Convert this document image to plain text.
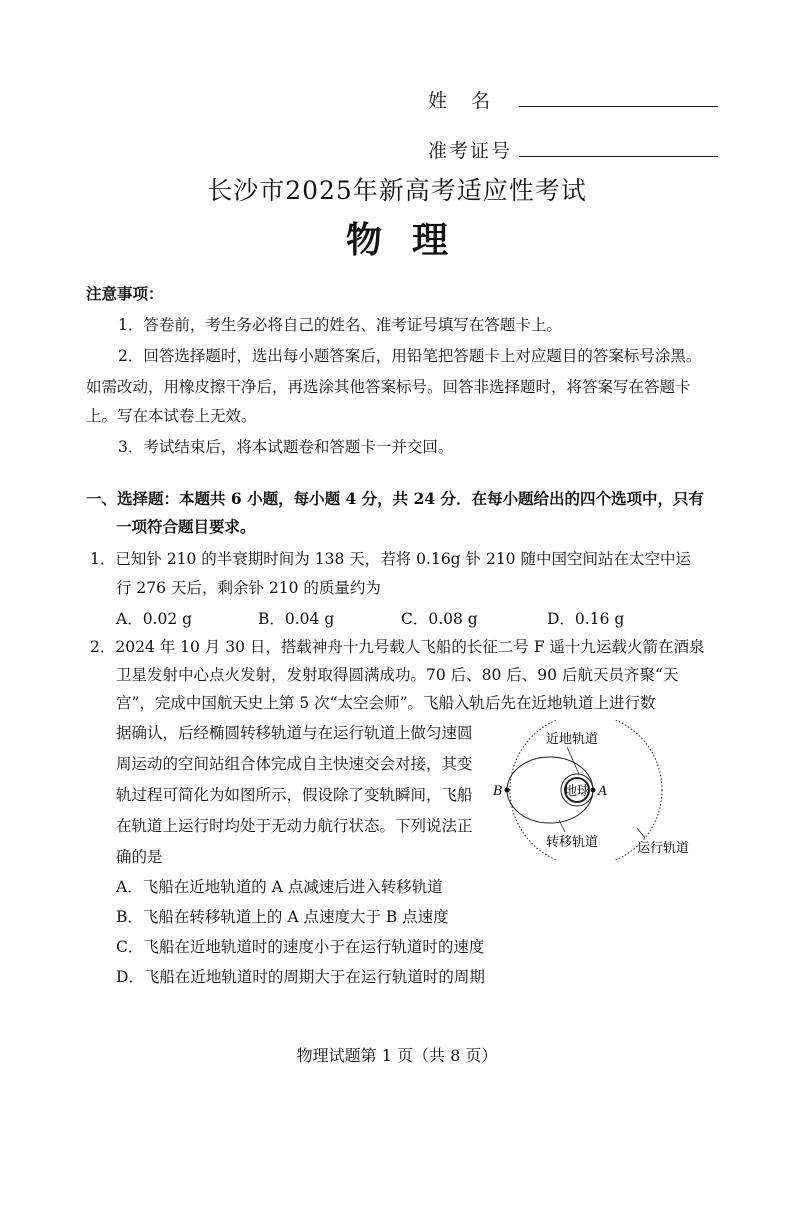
姓    名
准考证号
长沙市2025年新高考适应性考试
物理
注意事项：
1．答卷前，考生务必将自己的姓名、准考证号填写在答题卡上。
2．回答选择题时，选出每小题答案后，用铅笔把答题卡上对应题目的答案标号涂黑。
如需改动，用橡皮擦干净后，再选涂其他答案标号。回答非选择题时，将答案写在答题卡
上。写在本试卷上无效。
3．考试结束后，将本试题卷和答题卡一并交回。
一、选择题：本题共 6 小题，每小题 4 分，共 24 分．在每小题给出的四个选项中，只有
一项符合题目要求。
1．已知钋 210 的半衰期时间为 138 天，若将 0.16g 钋 210 随中国空间站在太空中运
行 276 天后，剩余钋 210 的质量约为
A．0.02 g	B．0.04 g	C．0.08 g	D．0.16 g
2．2024 年 10 月 30 日，搭载神舟十九号载人飞船的长征二号 F 遥十九运载火箭在酒泉
卫星发射中心点火发射，发射取得圆满成功。70 后、80 后、90 后航天员齐聚“天
宫”，完成中国航天史上第 5 次“太空会师”。飞船入轨后先在近地轨道上进行数
据确认，后经椭圆转移轨道与在运行轨道上做匀速圆
周运动的空间站组合体完成自主快速交会对接，其变
轨过程可简化为如图所示，假设除了变轨瞬间，飞船
在轨道上运行时均处于无动力航行状态。下列说法正
确的是
A．飞船在近地轨道的 A 点减速后进入转移轨道
B．飞船在转移轨道上的 A 点速度大于 B 点速度
C．飞船在近地轨道时的速度小于在运行轨道时的速度
D．飞船在近地轨道时的周期大于在运行轨道时的周期
地球 A
B
近地轨道
转移轨道	运行轨道
物理试题第 1 页（共 8 页）
